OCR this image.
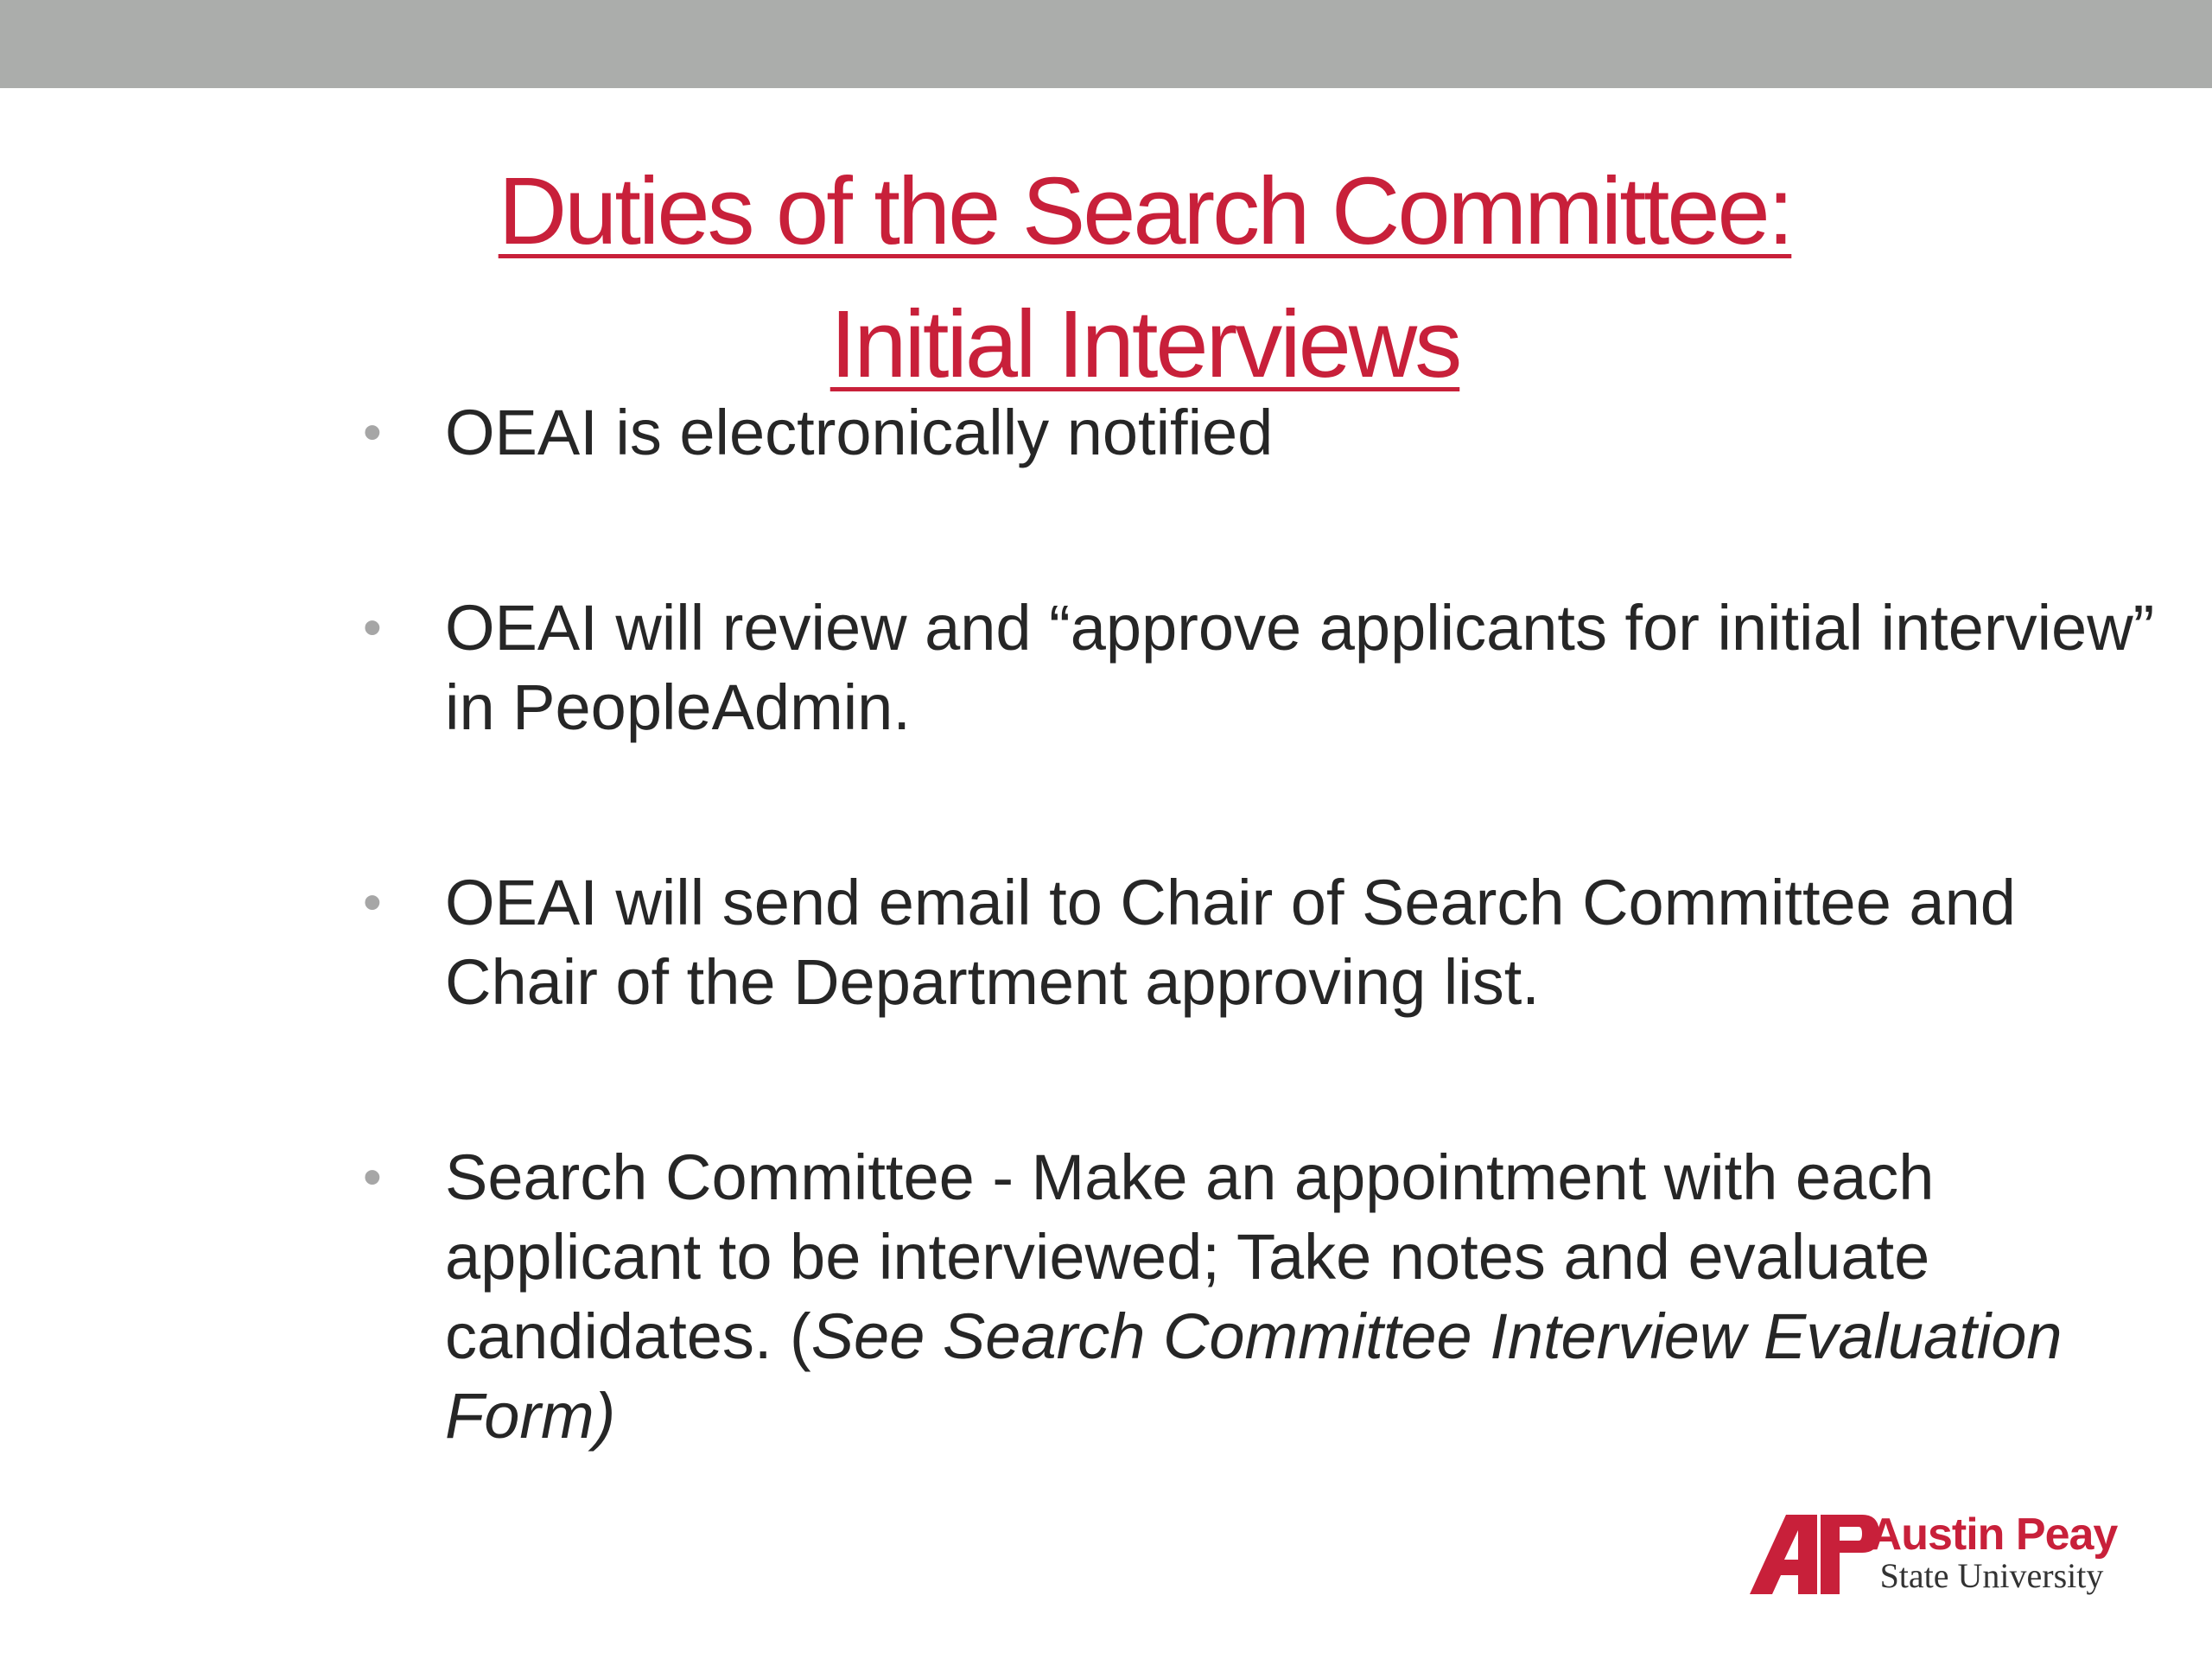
Duties of the Search Committee:
Initial Interviews
• OEAI is electronically notified
• OEAI will review and “approve applicants for initial interview” in PeopleAdmin.
• OEAI will send email to Chair of Search Committee and Chair of the Department approving list.
• Search Committee - Make an appointment with each applicant to be interviewed; Take notes and evaluate candidates. (See Search Committee Interview Evaluation Form)
Austin Peay
State University
